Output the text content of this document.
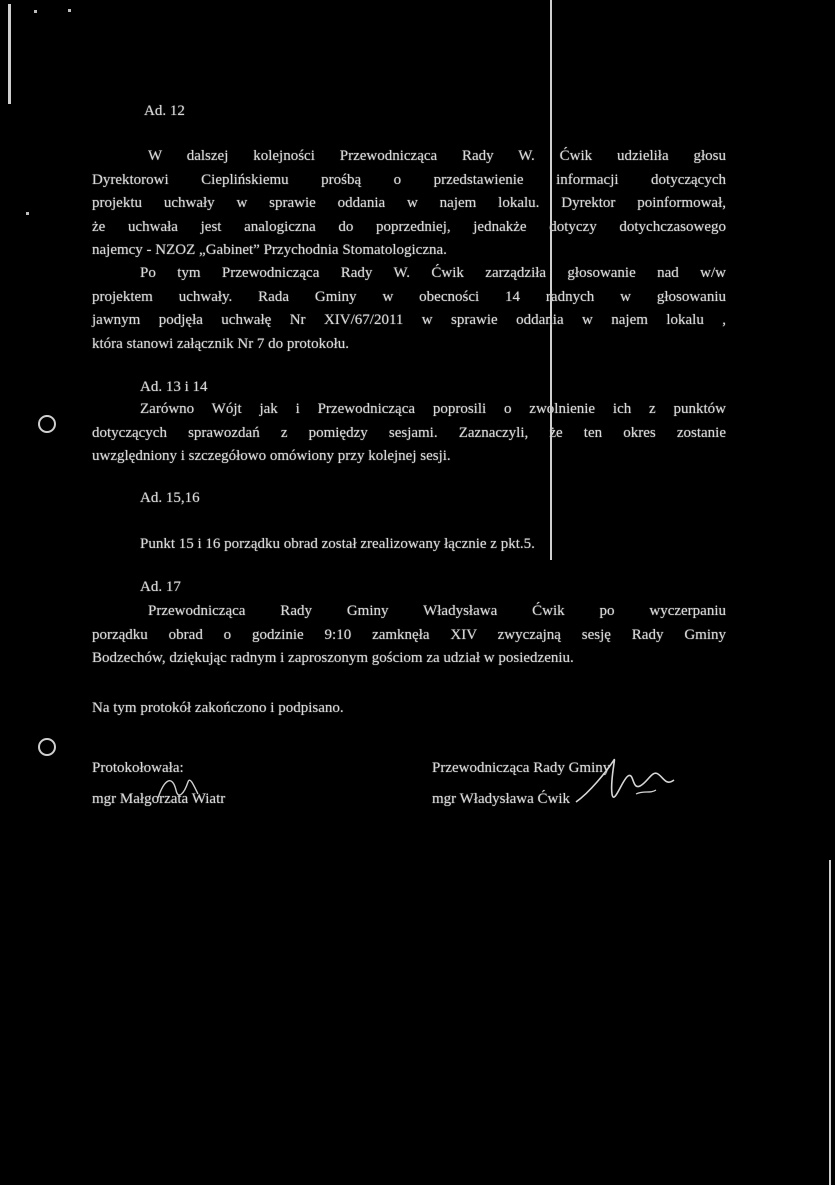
Ad. 12
W dalszej kolejności Przewodnicząca Rady W. Ćwik udzieliła głosu
Dyrektorowi Cieplińskiemu prośbą o przedstawienie informacji dotyczących
projektu uchwały w sprawie oddania w najem lokalu. Dyrektor poinformował,
że uchwała jest analogiczna do poprzedniej, jednakże dotyczy dotychczasowego
najemcy - NZOZ „Gabinet” Przychodnia Stomatologiczna.
Po tym Przewodnicząca Rady W. Ćwik zarządziła głosowanie nad w/w
projektem uchwały. Rada Gminy w obecności 14 radnych w głosowaniu
jawnym podjęła uchwałę Nr XIV/67/2011 w sprawie oddania w najem lokalu ,
która stanowi załącznik Nr 7 do protokołu.
Ad. 13 i 14
Zarówno Wójt jak i Przewodnicząca poprosili o zwolnienie ich z punktów
dotyczących sprawozdań z pomiędzy sesjami. Zaznaczyli, że ten okres zostanie
uwzględniony i szczegółowo omówiony przy kolejnej sesji.
Ad. 15,16
Punkt 15 i 16 porządku obrad został zrealizowany łącznie z pkt.5.
Ad. 17
Przewodnicząca Rady Gminy Władysława Ćwik po wyczerpaniu
porządku obrad o godzinie 9:10 zamknęła XIV zwyczajną sesję Rady Gminy
Bodzechów, dziękując radnym i zaproszonym gościom za udział w posiedzeniu.
Na tym protokół zakończono i podpisano.
Protokołowała:
mgr Małgorzata Wiatr
Przewodnicząca Rady Gminy
mgr Władysława Ćwik
